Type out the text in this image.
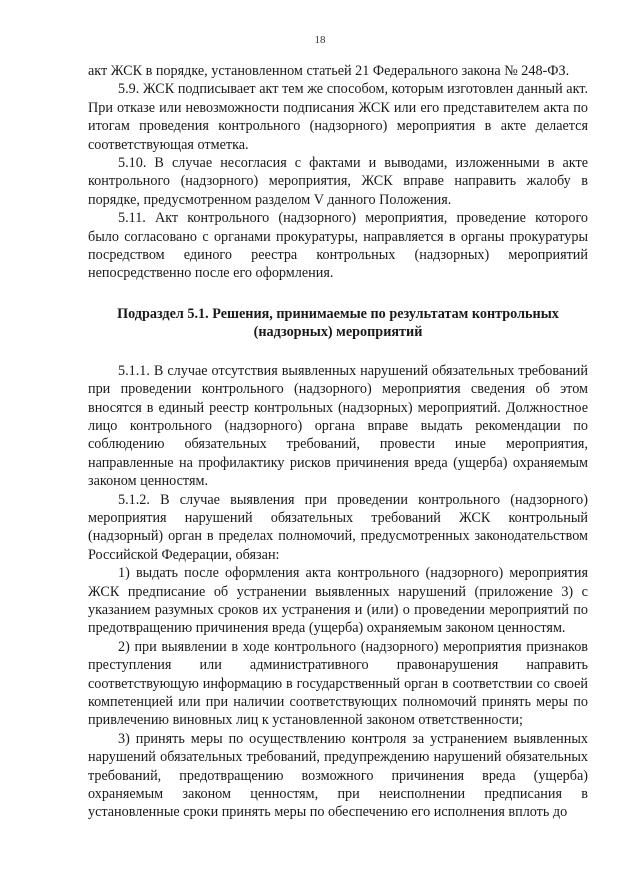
18

акт ЖСК в порядке, установленном статьей 21 Федерального закона № 248-ФЗ.

5.9. ЖСК подписывает акт тем же способом, которым изготовлен данный акт. При отказе или невозможности подписания ЖСК или его представителем акта по итогам проведения контрольного (надзорного) мероприятия в акте делается соответствующая отметка.

5.10. В случае несогласия с фактами и выводами, изложенными в акте контрольного (надзорного) мероприятия, ЖСК вправе направить жалобу в порядке, предусмотренном разделом V данного Положения.

5.11. Акт контрольного (надзорного) мероприятия, проведение которого было согласовано с органами прокуратуры, направляется в органы прокуратуры посредством единого реестра контрольных (надзорных) мероприятий непосредственно после его оформления.

Подраздел 5.1. Решения, принимаемые по результатам контрольных
(надзорных) мероприятий

5.1.1. В случае отсутствия выявленных нарушений обязательных требований при проведении контрольного (надзорного) мероприятия сведения об этом вносятся в единый реестр контрольных (надзорных) мероприятий. Должностное лицо контрольного (надзорного) органа вправе выдать рекомендации по соблюдению обязательных требований, провести иные мероприятия, направленные на профилактику рисков причинения вреда (ущерба) охраняемым законом ценностям.

5.1.2. В случае выявления при проведении контрольного (надзорного) мероприятия нарушений обязательных требований ЖСК контрольный (надзорный) орган в пределах полномочий, предусмотренных законодательством Российской Федерации, обязан:

1) выдать после оформления акта контрольного (надзорного) мероприятия ЖСК предписание об устранении выявленных нарушений (приложение 3) с указанием разумных сроков их устранения и (или) о проведении мероприятий по предотвращению причинения вреда (ущерба) охраняемым законом ценностям.

2) при выявлении в ходе контрольного (надзорного) мероприятия признаков преступления или административного правонарушения направить соответствующую информацию в государственный орган в соответствии со своей компетенцией или при наличии соответствующих полномочий принять меры по привлечению виновных лиц к установленной законом ответственности;

3) принять меры по осуществлению контроля за устранением выявленных нарушений обязательных требований, предупреждению нарушений обязательных требований, предотвращению возможного причинения вреда (ущерба) охраняемым законом ценностям, при неисполнении предписания в установленные сроки принять меры по обеспечению его исполнения вплоть до
